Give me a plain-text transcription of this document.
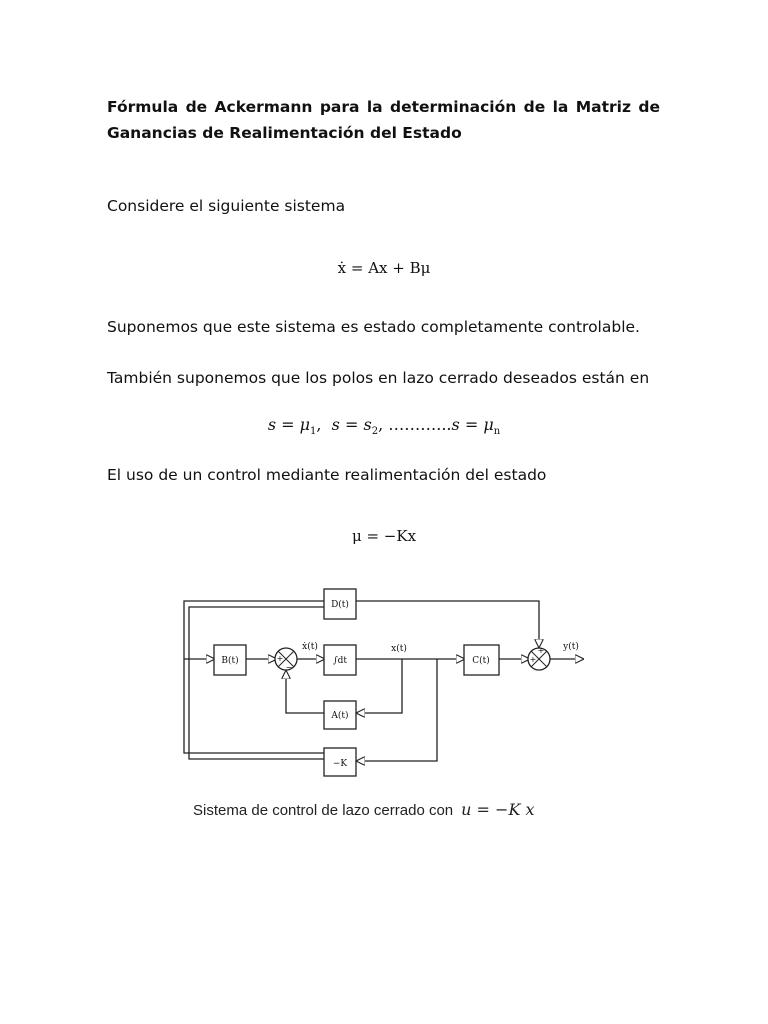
Fórmula de Ackermann para la determinación de la Matriz de Ganancias de Realimentación del Estado
Considere el siguiente sistema
ẋ = Ax + Bμ
Suponemos que este sistema es estado completamente controlable.
También suponemos que los polos en lazo cerrado deseados están en
$s = \mu_1$,  $s = s_2$, ………...s = $\mu_n$
El uso de un control mediante realimentación del estado
μ = −Kx
B(t)	∫dt	C(t)
D(t)
A(t)
−K
ẋ(t)	x(t)	y(t)
+
−
+
+
Sistema de control de lazo cerrado con u = −K x
